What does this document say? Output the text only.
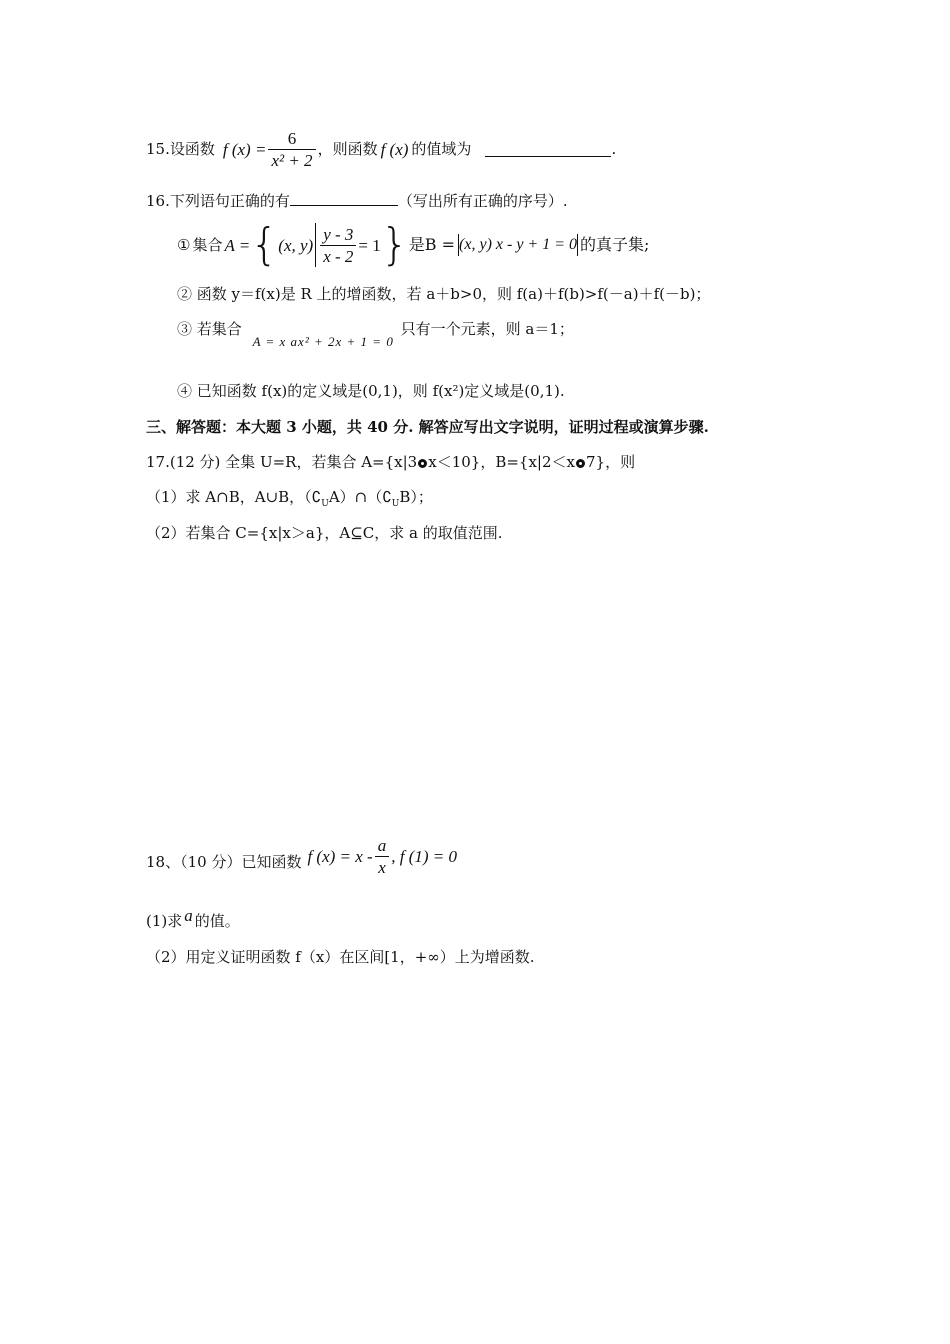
15. 设函数 f $(x) = \frac{6}{\text{x² + 2}}$ ，则函数 f (x) 的值域为	.
16.下列语句正确的有	（写出所有正确的序号）.
① 集合 A = { (x, $y) \frac{y - 3}{x - 2} = 1$ } 是B = (x, y) x - y + 1 = 0 的真子集;
② 函数 y＝f(x)是 R 上的增函数，若 a＋b>0，则 f(a)＋f(b)>f(－a)＋f(－b)；
③ 若集合 A = x ax² + 2x + 1 = 0 只有一个元素，则 a＝1；
④ 已知函数 f(x)的定义域是(0,1)，则 f(x²)定义域是(0,1).
三、解答题：本大题 3 小题，共 40 分. 解答应写出文字说明，证明过程或演算步骤.
17.(12 分) 全集 U=R，若集合 A={x|3 x＜10}，B={x|2＜x 7}，则
（1）求 A∩B，A∪B，$(∁_UA)\cap(∁_UB)$；
（2）若集合 C={x|x＞a}，A⊆C，求 a 的取值范围.
18、（10 分）已知函数 f $(x) = x - \frac{a}{x}$ , f (1) = 0
(1)求 a 的值。
（2）用定义证明函数 f（x）在区间[1，+∞）上为增函数.
